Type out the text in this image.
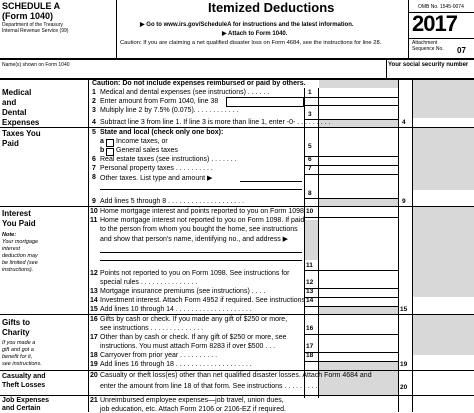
SCHEDULE A
(Form 1040)
Department of the Treasury
Internal Revenue Service (99)
Itemized Deductions
▶ Go to www.irs.gov/ScheduleA for instructions and the latest information.
▶ Attach to Form 1040.
Caution: If you are claiming a net qualified disaster loss on Form 4684, see the instructions for line 28.
OMB No. 1545-0074
2017
Attachment
Sequence No. 07
Name(s) shown on Form 1040	Your social security number
Medical
and
Dental
Expenses
Taxes You
Paid
Interest
You Paid
Note:
Your mortgage
interest
deduction may
be limited (see
instructions).
Gifts to
Charity
If you made a
gift and got a
benefit for it,
see instructions.
Casualty and
Theft Losses
Job Expenses
and Certain
Caution: Do not include expenses reimbursed or paid by others.
1 Medical and dental expenses (see instructions) . . . . . .	1
2 Enter amount from Form 1040, line 38
3 Multiply line 2 by 7.5% (0.075). . . . . . . . . . . .
3
4 Subtract line 3 from line 1. If line 3 is more than line 1, enter -0- . . . . . . . . .	4
5 State and local (check only one box):
a Income taxes, or
b General sales taxes
5
6 Real estate taxes (see instructions) . . . . . . .	6
7 Personal property taxes . . . . . . . . . .	7
8 Other taxes. List type and amount ▶
8
9 Add lines 5 through 8 . . . . . . . . . . . . . . . . . . . .	9
10 Home mortgage interest and points reported to you on Form 1098 10
11 Home mortgage interest not reported to you on Form 1098. If paid
to the person from whom you bought the home, see instructions
and show that person's name, identifying no., and address ▶
11
12 Points not reported to you on Form 1098. See instructions for
special rules . . . . . . . . . . . . . . .	12
13 Mortgage insurance premiums (see instructions) . . . .	13
14 Investment interest. Attach Form 4952 if required. See instructions 14
15 Add lines 10 through 14 . . . . . . . . . . . . . . . . . . . .	15
16 Gifts by cash or check. If you made any gift of $250 or more,
see instructions . . . . . . . . . . . . . .	16
17 Other than by cash or check. If any gift of $250 or more, see
instructions. You must attach Form 8283 if over $500 . . .	17
18 Carryover from prior year . . . . . . . . . .	18
19 Add lines 16 through 18 . . . . . . . . . . . . . . . . . . . .	19
20 Casualty or theft loss(es) other than net qualified disaster losses. Attach Form 4684 and
enter the amount from line 18 of that form. See instructions . . . . . . . . .	20
21 Unreimbursed employee expenses—job travel, union dues,
job education, etc. Attach Form 2106 or 2106-EZ if required.
